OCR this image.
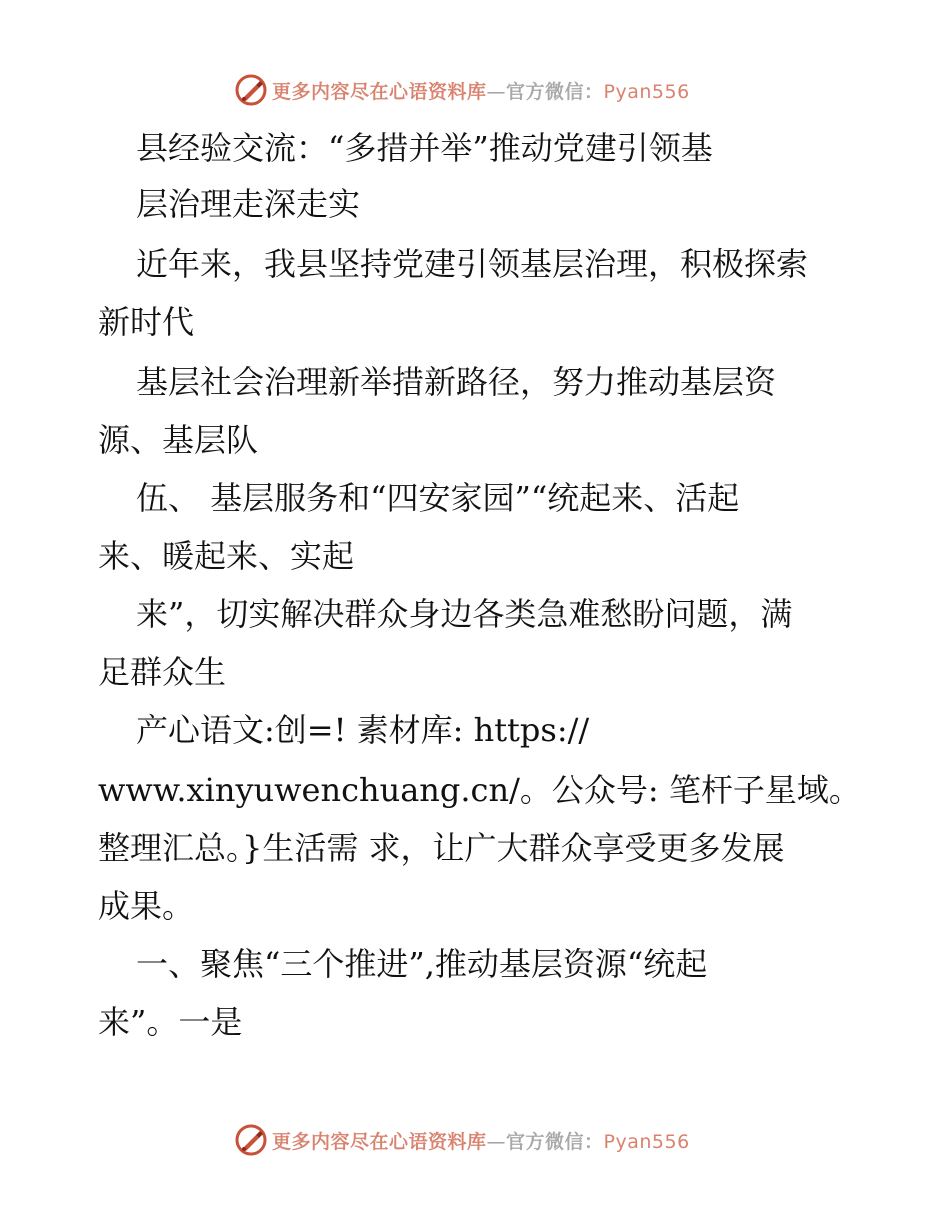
更多内容尽在心语资料库—官方微信：Pyan556
县经验交流：“多措并举”推动党建引领基
层治理走深走实
近年来，我县坚持党建引领基层治理，积极探索
新时代
基层社会治理新举措新路径，努力推动基层资
源、基层队
伍、 基层服务和“四安家园”“统起来、活起
来、暖起来、实起
来”，切实解决群众身边各类急难愁盼问题，满
足群众生
产心语文:创=! 素材库: https://
www.xinyuwenchuang.cn/。公众号: 笔杆子星域。
整理汇总。}生活需 求，让广大群众享受更多发展
成果。
一、聚焦“三个推进”,推动基层资源“统起
来”。一是
更多内容尽在心语资料库—官方微信：Pyan556
